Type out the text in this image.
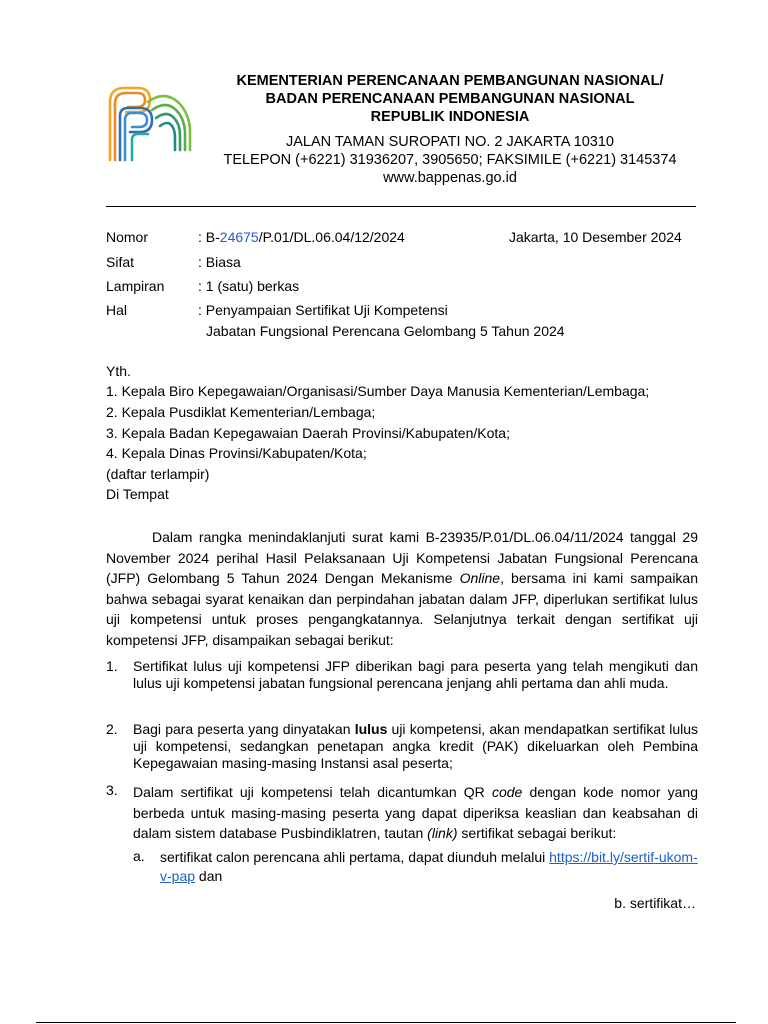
KEMENTERIAN PERENCANAAN PEMBANGUNAN NASIONAL/
BADAN PERENCANAAN PEMBANGUNAN NASIONAL
REPUBLIK INDONESIA
JALAN TAMAN SUROPATI NO. 2 JAKARTA 10310
TELEPON (+6221) 31936207, 3905650; FAKSIMILE (+6221) 3145374
www.bappenas.go.id
Nomor	: B-24675/P.01/DL.06.04/12/2024	Jakarta, 10 Desember 2024
Sifat	: Biasa
Lampiran : 1 (satu) berkas
Hal	: Penyampaian Sertifikat Uji Kompetensi
Jabatan Fungsional Perencana Gelombang 5 Tahun 2024
Yth.
1. Kepala Biro Kepegawaian/Organisasi/Sumber Daya Manusia Kementerian/Lembaga;
2. Kepala Pusdiklat Kementerian/Lembaga;
3. Kepala Badan Kepegawaian Daerah Provinsi/Kabupaten/Kota;
4. Kepala Dinas Provinsi/Kabupaten/Kota;
(daftar terlampir)
Di Tempat
Dalam rangka menindaklanjuti surat kami B-23935/P.01/DL.06.04/11/2024 tanggal 29 November 2024 perihal Hasil Pelaksanaan Uji Kompetensi Jabatan Fungsional Perencana (JFP) Gelombang 5 Tahun 2024 Dengan Mekanisme Online, bersama ini kami sampaikan bahwa sebagai syarat kenaikan dan perpindahan jabatan dalam JFP, diperlukan sertifikat lulus uji kompetensi untuk proses pengangkatannya. Selanjutnya terkait dengan sertifikat uji kompetensi JFP, disampaikan sebagai berikut:
1. Sertifikat lulus uji kompetensi JFP diberikan bagi para peserta yang telah mengikuti dan lulus uji kompetensi jabatan fungsional perencana jenjang ahli pertama dan ahli muda.
2. Bagi para peserta yang dinyatakan lulus uji kompetensi, akan mendapatkan sertifikat lulus uji kompetensi, sedangkan penetapan angka kredit (PAK) dikeluarkan oleh Pembina Kepegawaian masing-masing Instansi asal peserta;
3. Dalam sertifikat uji kompetensi telah dicantumkan QR code dengan kode nomor yang berbeda untuk masing-masing peserta yang dapat diperiksa keaslian dan keabsahan di dalam sistem database Pusbindiklatren, tautan (link) sertifikat sebagai berikut:
a. sertifikat calon perencana ahli pertama, dapat diunduh melalui https://bit.ly/sertif-ukom-v-pap dan
b. sertifikat…
